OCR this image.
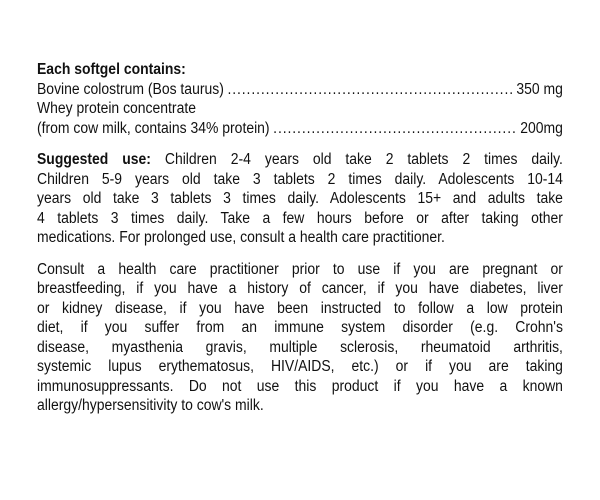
Each softgel contains:
Bovine colostrum (Bos taurus) .....	350 mg
Whey protein concentrate
(from cow milk, contains 34% protein) .....	200mg
Suggested use: Children 2-4 years old take 2 tablets 2 times daily.
Children 5-9 years old take 3 tablets 2 times daily. Adolescents 10-14
years old take 3 tablets 3 times daily. Adolescents 15+ and adults take
4 tablets 3 times daily. Take a few hours before or after taking other
medications. For prolonged use, consult a health care practitioner.
Consult a health care practitioner prior to use if you are pregnant or
breastfeeding, if you have a history of cancer, if you have diabetes, liver
or kidney disease, if you have been instructed to follow a low protein
diet, if you suffer from an immune system disorder (e.g. Crohn's
disease, myasthenia gravis, multiple sclerosis, rheumatoid arthritis,
systemic lupus erythematosus, HIV/AIDS, etc.) or if you are taking
immunosuppressants. Do not use this product if you have a known
allergy/hypersensitivity to cow's milk.
